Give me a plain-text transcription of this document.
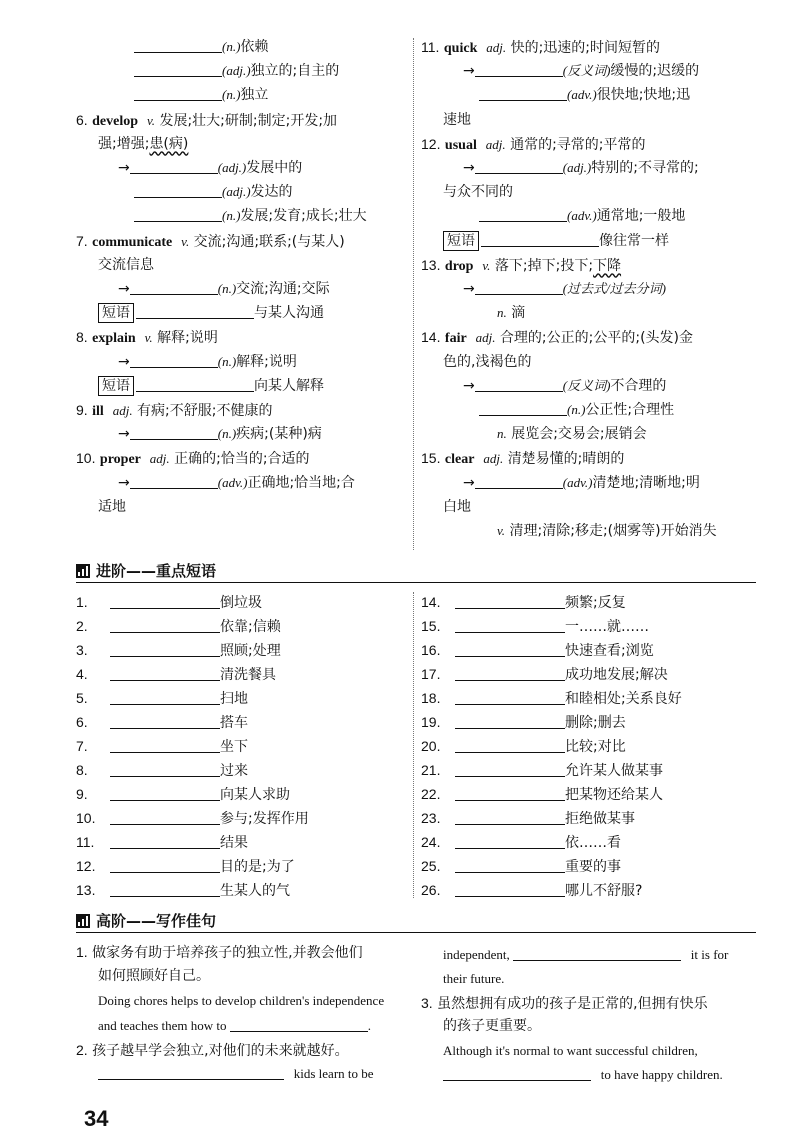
(n.)依赖
(adj.)独立的;自主的
(n.)独立
6. develop v. 发展;壮大;研制;制定;开发;加
强;增强;患(病)
→	(adj.)发展中的
(adj.)发达的
(n.)发展;发育;成长;壮大
7. communicate v. 交流;沟通;联系;(与某人)
交流信息
→	(n.)交流;沟通;交际
短语	与某人沟通
8. explain v. 解释;说明
→	(n.)解释;说明
短语	向某人解释
9. ill adj. 有病;不舒服;不健康的
→	(n.)疾病;(某种)病
10. proper adj. 正确的;恰当的;合适的
→	(adv.)正确地;恰当地;合
适地
11. quick adj. 快的;迅速的;时间短暂的
→	(反义词)缓慢的;迟缓的
(adv.)很快地;快地;迅
速地
12. usual adj. 通常的;寻常的;平常的
→	(adj.)特别的;不寻常的;
与众不同的
(adv.)通常地;一般地
短语	像往常一样
13. drop v. 落下;掉下;投下;下降
→	(过去式/过去分词)
n. 滴
14. fair adj. 合理的;公正的;公平的;(头发)金
色的,浅褐色的
→	(反义词)不合理的
(n.)公正性;合理性
n. 展览会;交易会;展销会
15. clear adj. 清楚易懂的;晴朗的
→	(adv.)清楚地;清晰地;明
白地
v. 清理;清除;移走;(烟雾等)开始消失
进阶——重点短语
1.	倒垃圾
2.	依靠;信赖
3.	照顾;处理
4.	清洗餐具
5.	扫地
6.	搭车
7.	坐下
8.	过来
9.	向某人求助
10.	参与;发挥作用
11.	结果
12.	目的是;为了
13.	生某人的气
14.	频繁;反复
15.	一……就……
16.	快速查看;浏览
17.	成功地发展;解决
18.	和睦相处;关系良好
19.	删除;删去
20.	比较;对比
21.	允许某人做某事
22.	把某物还给某人
23.	拒绝做某事
24.	依……看
25.	重要的事
26.	哪儿不舒服?
高阶——写作佳句
1. 做家务有助于培养孩子的独立性,并教会他们
如何照顾好自己。
Doing chores helps to develop children's independence
and teaches them how to	.
2. 孩子越早学会独立,对他们的未来就越好。
kids learn to be
independent,	it is for
their future.
3. 虽然想拥有成功的孩子是正常的,但拥有快乐
的孩子更重要。
Although it's normal to want successful children,
to have happy children.
34
